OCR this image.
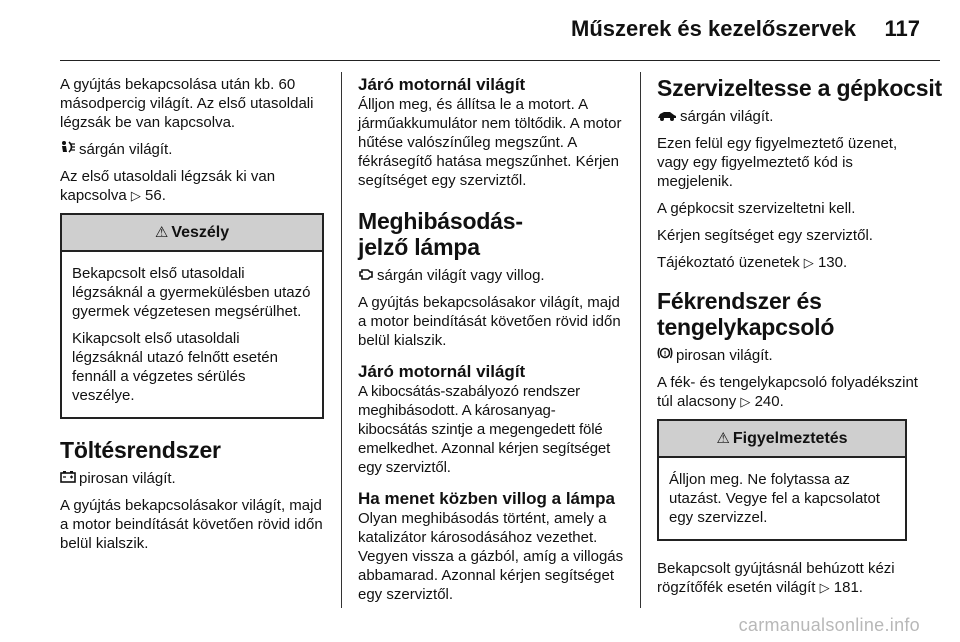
Műszerek és kezelőszervek 117

A gyújtás bekapcsolása után kb. 60 másodpercig világít. Az első utasoldali légzsák be van kapcsolva.

sárgán világít.

Az első utasoldali légzsák ki van kapcsolva ▷ 56.

⚠ Veszély

Bekapcsolt első utasoldali légzsáknál a gyermekülésben utazó gyermek végzetesen megsérülhet.

Kikapcsolt első utasoldali légzsáknál utazó felnőtt esetén fennáll a végzetes sérülés veszélye.

Töltésrendszer

pirosan világít.

A gyújtás bekapcsolásakor világít, majd a motor beindítását követően rövid időn belül kialszik.

Járó motornál világít

Álljon meg, és állítsa le a motort. A járműakkumulátor nem töltődik. A motor hűtése valószínűleg megszűnt. A fékrásegítő hatása megszűnhet. Kérjen segítséget egy szerviztől.

Meghibásodás-jelző lámpa

sárgán világít vagy villog.

A gyújtás bekapcsolásakor világít, majd a motor beindítását követően rövid időn belül kialszik.

Járó motornál világít

A kibocsátás-szabályozó rendszer meghibásodott. A károsanyag-kibocsátás szintje a megengedett fölé emelkedhet. Azonnal kérjen segítséget egy szerviztől.

Ha menet közben villog a lámpa

Olyan meghibásodás történt, amely a katalizátor károsodásához vezethet. Vegyen vissza a gázból, amíg a villogás abbamarad. Azonnal kérjen segítséget egy szerviztől.

Szervizeltesse a gépkocsit

sárgán világít.

Ezen felül egy figyelmeztető üzenet, vagy egy figyelmeztető kód is megjelenik.

A gépkocsit szervizeltetni kell.

Kérjen segítséget egy szerviztől.

Tájékoztató üzenetek ▷ 130.

Fékrendszer és tengelykapcsoló

! pirosan világít.

A fék- és tengelykapcsoló folyadékszint túl alacsony ▷ 240.

⚠ Figyelmeztetés

Álljon meg. Ne folytassa az utazást. Vegye fel a kapcsolatot egy szervizzel.

Bekapcsolt gyújtásnál behúzott kézi rögzítőfék esetén világít ▷ 181.

carmanualsonline.info
